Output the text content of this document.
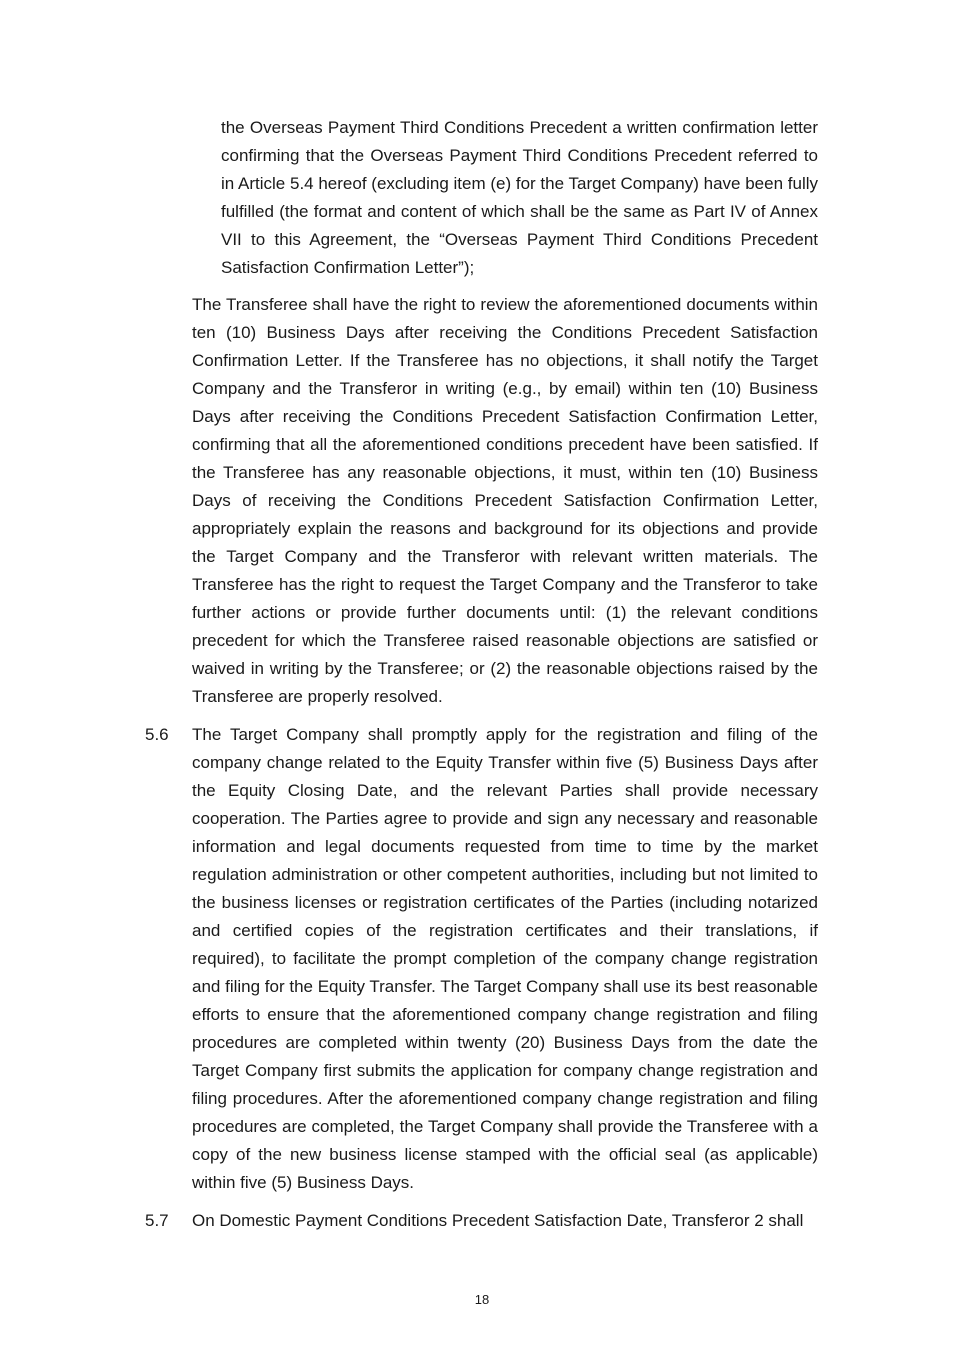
the Overseas Payment Third Conditions Precedent a written confirmation letter confirming that the Overseas Payment Third Conditions Precedent referred to in Article 5.4 hereof (excluding item (e) for the Target Company) have been fully fulfilled (the format and content of which shall be the same as Part IV of Annex VII to this Agreement, the “Overseas Payment Third Conditions Precedent Satisfaction Confirmation Letter”);

The Transferee shall have the right to review the aforementioned documents within ten (10) Business Days after receiving the Conditions Precedent Satisfaction Confirmation Letter. If the Transferee has no objections, it shall notify the Target Company and the Transferor in writing (e.g., by email) within ten (10) Business Days after receiving the Conditions Precedent Satisfaction Confirmation Letter, confirming that all the aforementioned conditions precedent have been satisfied. If the Transferee has any reasonable objections, it must, within ten (10) Business Days of receiving the Conditions Precedent Satisfaction Confirmation Letter, appropriately explain the reasons and background for its objections and provide the Target Company and the Transferor with relevant written materials. The Transferee has the right to request the Target Company and the Transferor to take further actions or provide further documents until: (1) the relevant conditions precedent for which the Transferee raised reasonable objections are satisfied or waived in writing by the Transferee; or (2) the reasonable objections raised by the Transferee are properly resolved.

5.6 The Target Company shall promptly apply for the registration and filing of the company change related to the Equity Transfer within five (5) Business Days after the Equity Closing Date, and the relevant Parties shall provide necessary cooperation. The Parties agree to provide and sign any necessary and reasonable information and legal documents requested from time to time by the market regulation administration or other competent authorities, including but not limited to the business licenses or registration certificates of the Parties (including notarized and certified copies of the registration certificates and their translations, if required), to facilitate the prompt completion of the company change registration and filing for the Equity Transfer. The Target Company shall use its best reasonable efforts to ensure that the aforementioned company change registration and filing procedures are completed within twenty (20) Business Days from the date the Target Company first submits the application for company change registration and filing procedures. After the aforementioned company change registration and filing procedures are completed, the Target Company shall provide the Transferee with a copy of the new business license stamped with the official seal (as applicable) within five (5) Business Days.

5.7 On Domestic Payment Conditions Precedent Satisfaction Date, Transferor 2 shall

18
